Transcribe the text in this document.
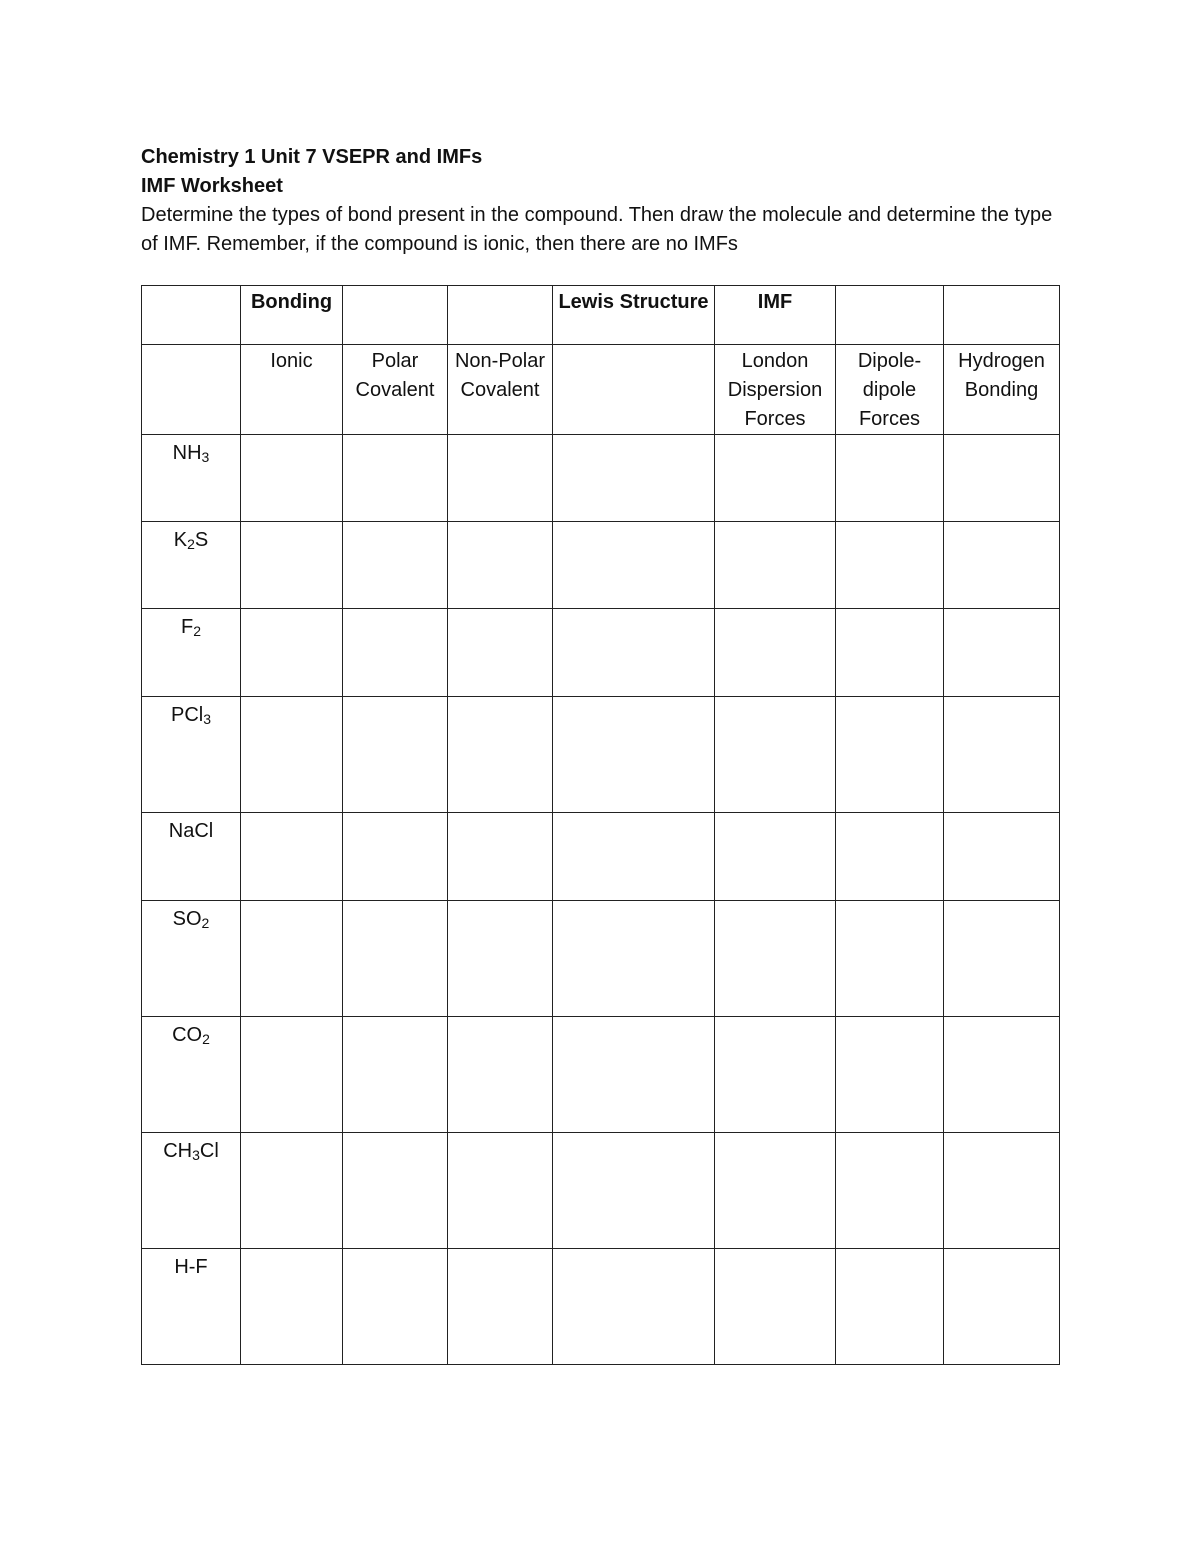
Chemistry 1 Unit 7 VSEPR and IMFs

IMF Worksheet

Determine the types of bond present in the compound. Then draw the molecule and determine the type of IMF. Remember, if the compound is ionic, then there are no IMFs

	Bonding			Lewis Structure	IMF		
	Ionic	Polar Covalent	Non-Polar Covalent		London Dispersion Forces	Dipole-dipole Forces	Hydrogen Bonding
NH3							
K2S							
F2							
PCl3							
NaCl							
SO2							
CO2							
CH3Cl							
H-F							
